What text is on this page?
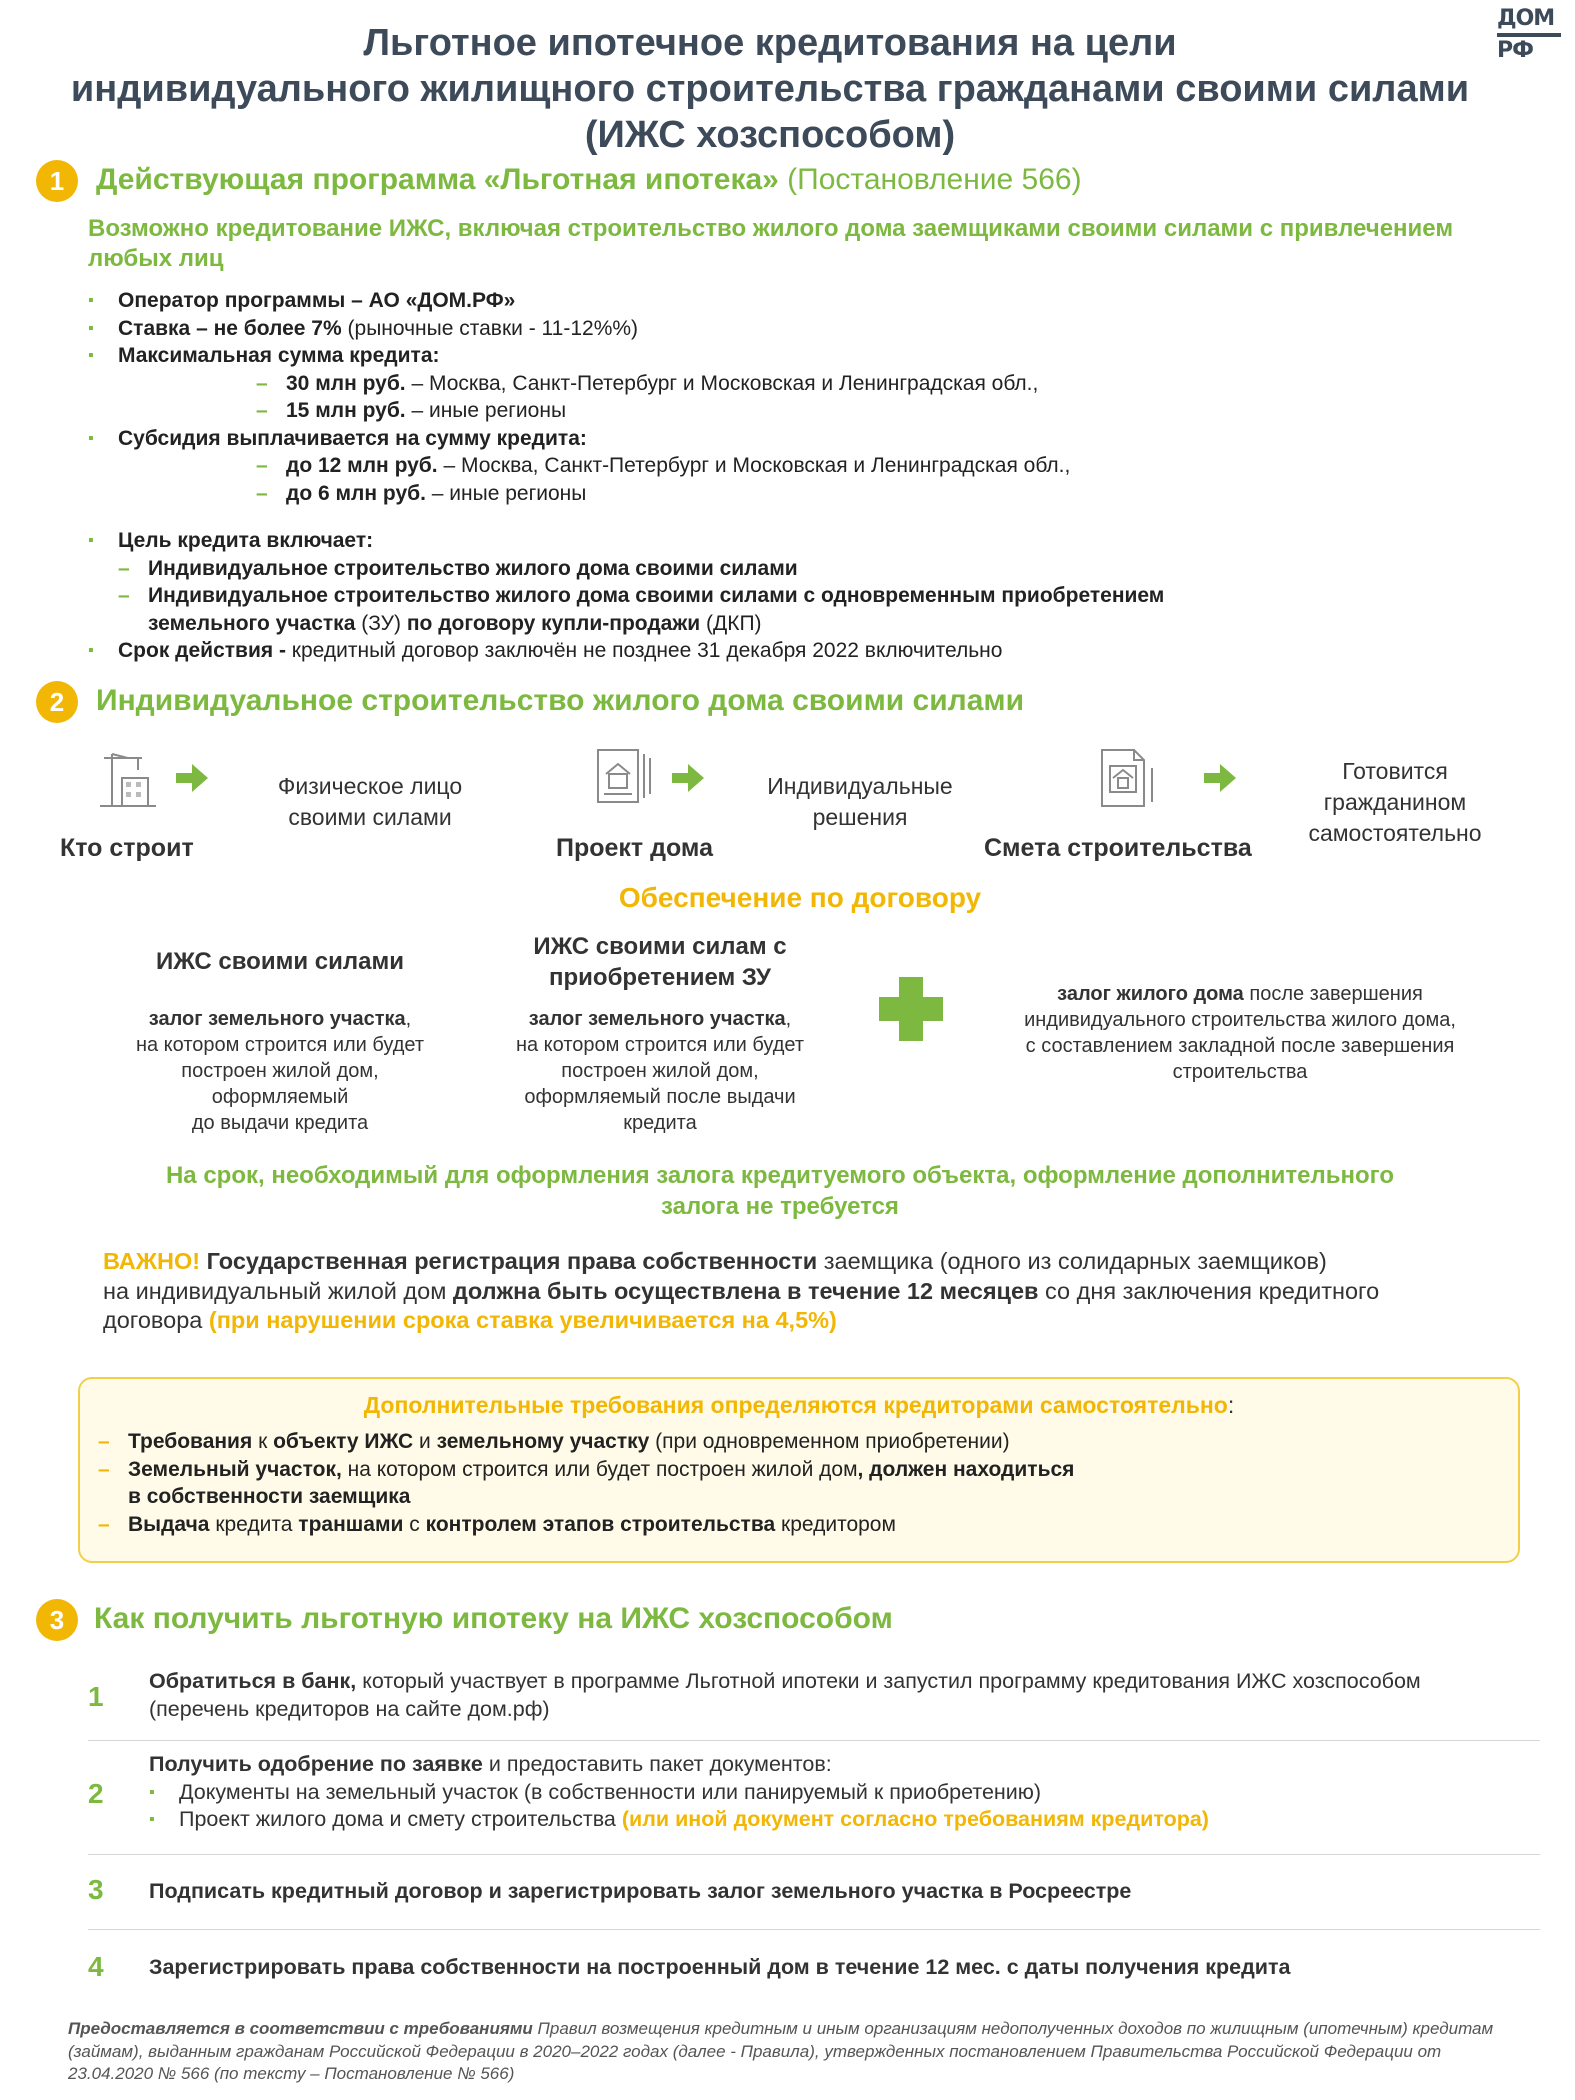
Льготное ипотечное кредитования на цели
индивидуального жилищного строительства гражданами своими силами
(ИЖС хозспособом)
ДОМ
РФ
1	Действующая программа «Льготная ипотека» (Постановление 566)
Возможно кредитование ИЖС, включая строительство жилого дома заемщиками своими силами с привлечением любых лиц
▪ Оператор программы – АО «ДОМ.РФ»
▪ Ставка – не более 7% (рыночные ставки - 11-12%%)
▪ Максимальная сумма кредита:
– 30 млн руб. – Москва, Санкт-Петербург и Московская и Ленинградская обл.,
– 15 млн руб. – иные регионы
▪ Субсидия выплачивается на сумму кредита:
– до 12 млн руб. – Москва, Санкт-Петербург и Московская и Ленинградская обл.,
– до 6 млн руб. – иные регионы
▪ Цель кредита включает:
– Индивидуальное строительство жилого дома своими силами
– Индивидуальное строительство жилого дома своими силами с одновременным приобретением
земельного участка (ЗУ) по договору купли-продажи (ДКП)
▪ Срок действия - кредитный договор заключён не позднее 31 декабря 2022 включительно
2	Индивидуальное строительство жилого дома своими силами
Физическое лицо
своими силами
Кто строит
Индивидуальные
решения
Проект дома
Готовится
гражданином
самостоятельно
Смета строительства
Обеспечение по договору
ИЖС своими силами
залог земельного участка,
на котором строится или будет
построен жилой дом,
оформляемый
до выдачи кредита
ИЖС своими силам с
приобретением ЗУ
залог земельного участка,
на котором строится или будет
построен жилой дом,
оформляемый после выдачи
кредита
залог жилого дома после завершения
индивидуального строительства жилого дома,
с составлением закладной после завершения
строительства
На срок, необходимый для оформления залога кредитуемого объекта, оформление дополнительного
залога не требуется
ВАЖНО! Государственная регистрация права собственности заемщика (одного из солидарных заемщиков)
на индивидуальный жилой дом должна быть осуществлена в течение 12 месяцев со дня заключения кредитного
договора (при нарушении срока ставка увеличивается на 4,5%)
Дополнительные требования определяются кредиторами самостоятельно:
– Требования к объекту ИЖС и земельному участку (при одновременном приобретении)
– Земельный участок, на котором строится или будет построен жилой дом, должен находиться
в собственности заемщика
– Выдача кредита траншами с контролем этапов строительства кредитором
3 Как получить льготную ипотеку на ИЖС хозспособом
1 Обратиться в банк, который участвует в программе Льготной ипотеки и запустил программу кредитования ИЖС хозспособом
(перечень кредиторов на сайте дом.рф)
2
Получить одобрение по заявке и предоставить пакет документов:
▪ Документы на земельный участок (в собственности или панируемый к приобретению)
▪ Проект жилого дома и смету строительства (или иной документ согласно требованиям кредитора)
3 Подписать кредитный договор и зарегистрировать залог земельного участка в Росреестре
4 Зарегистрировать права собственности на построенный дом в течение 12 мес. с даты получения кредита
Предоставляется в соответствии с требованиями Правил возмещения кредитным и иным организациям недополученных доходов по жилищным (ипотечным) кредитам (займам), выданным гражданам Российской Федерации в 2020–2022 годах (далее - Правила), утвержденных постановлением Правительства Российской Федерации от 23.04.2020 № 566 (по тексту – Постановление № 566)
